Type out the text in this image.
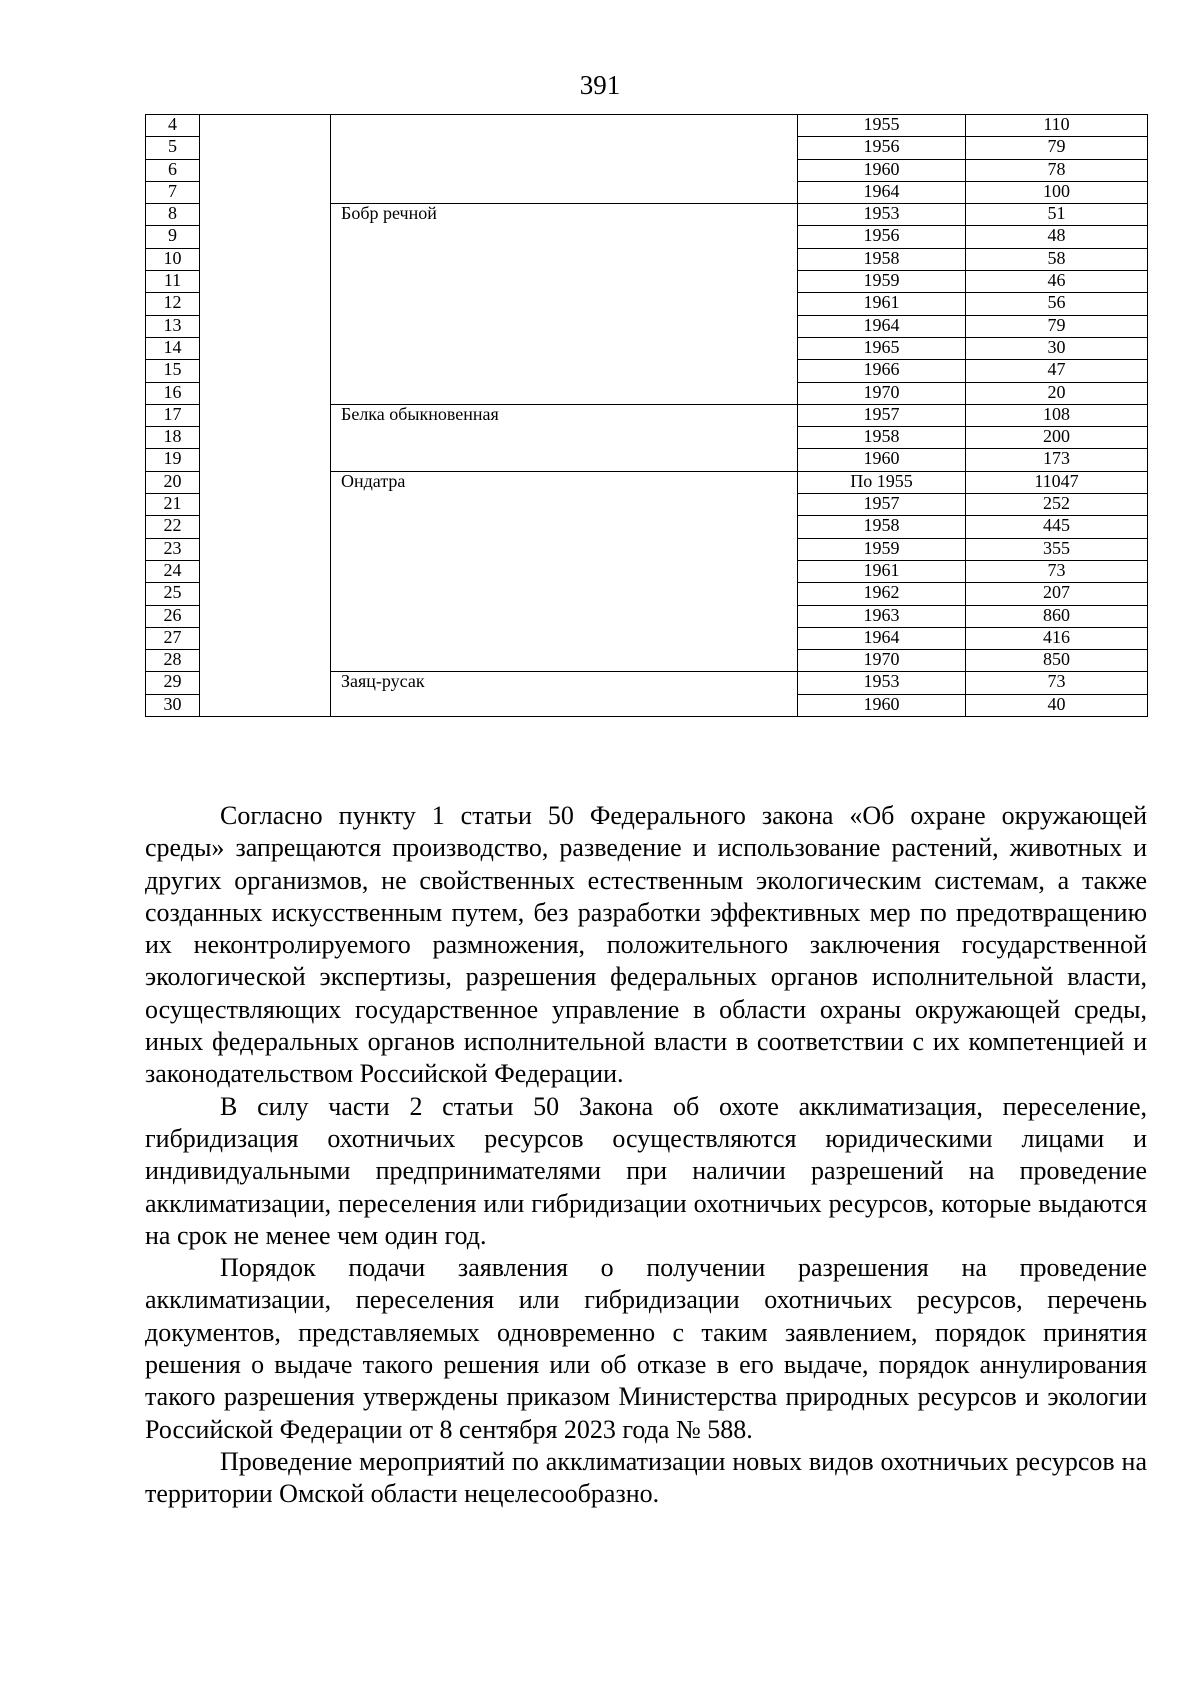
391
4			1955	110
5			1956	79
6			1960	78
7			1964	100
8		Бобр речной	1953	51
9			1956	48
10			1958	58
11			1959	46
12			1961	56
13			1964	79
14			1965	30
15			1966	47
16			1970	20
17		Белка обыкновенная	1957	108
18			1958	200
19			1960	173
20		Ондатра	По 1955	11047
21			1957	252
22			1958	445
23			1959	355
24			1961	73
25			1962	207
26			1963	860
27			1964	416
28			1970	850
29		Заяц-русак	1953	73
30			1960	40

Согласно пункту 1 статьи 50 Федерального закона «Об охране окружающей среды» запрещаются производство, разведение и использование растений, животных и других организмов, не свойственных естественным экологическим системам, а также созданных искусственным путем, без разработки эффективных мер по предотвращению их неконтролируемого размножения, положительного заключения государственной экологической экспертизы, разрешения федеральных органов исполнительной власти, осуществляющих государственное управление в области охраны окружающей среды, иных федеральных органов исполнительной власти в соответствии с их компетенцией и законодательством Российской Федерации.

В силу части 2 статьи 50 Закона об охоте акклиматизация, переселение, гибридизация охотничьих ресурсов осуществляются юридическими лицами и индивидуальными предпринимателями при наличии разрешений на проведение акклиматизации, переселения или гибридизации охотничьих ресурсов, которые выдаются на срок не менее чем один год.

Порядок подачи заявления о получении разрешения на проведение акклиматизации, переселения или гибридизации охотничьих ресурсов, перечень документов, представляемых одновременно с таким заявлением, порядок принятия решения о выдаче такого решения или об отказе в его выдаче, порядок аннулирования такого разрешения утверждены приказом Министерства природных ресурсов и экологии Российской Федерации от 8 сентября 2023 года № 588.

Проведение мероприятий по акклиматизации новых видов охотничьих ресурсов на территории Омской области нецелесообразно.
